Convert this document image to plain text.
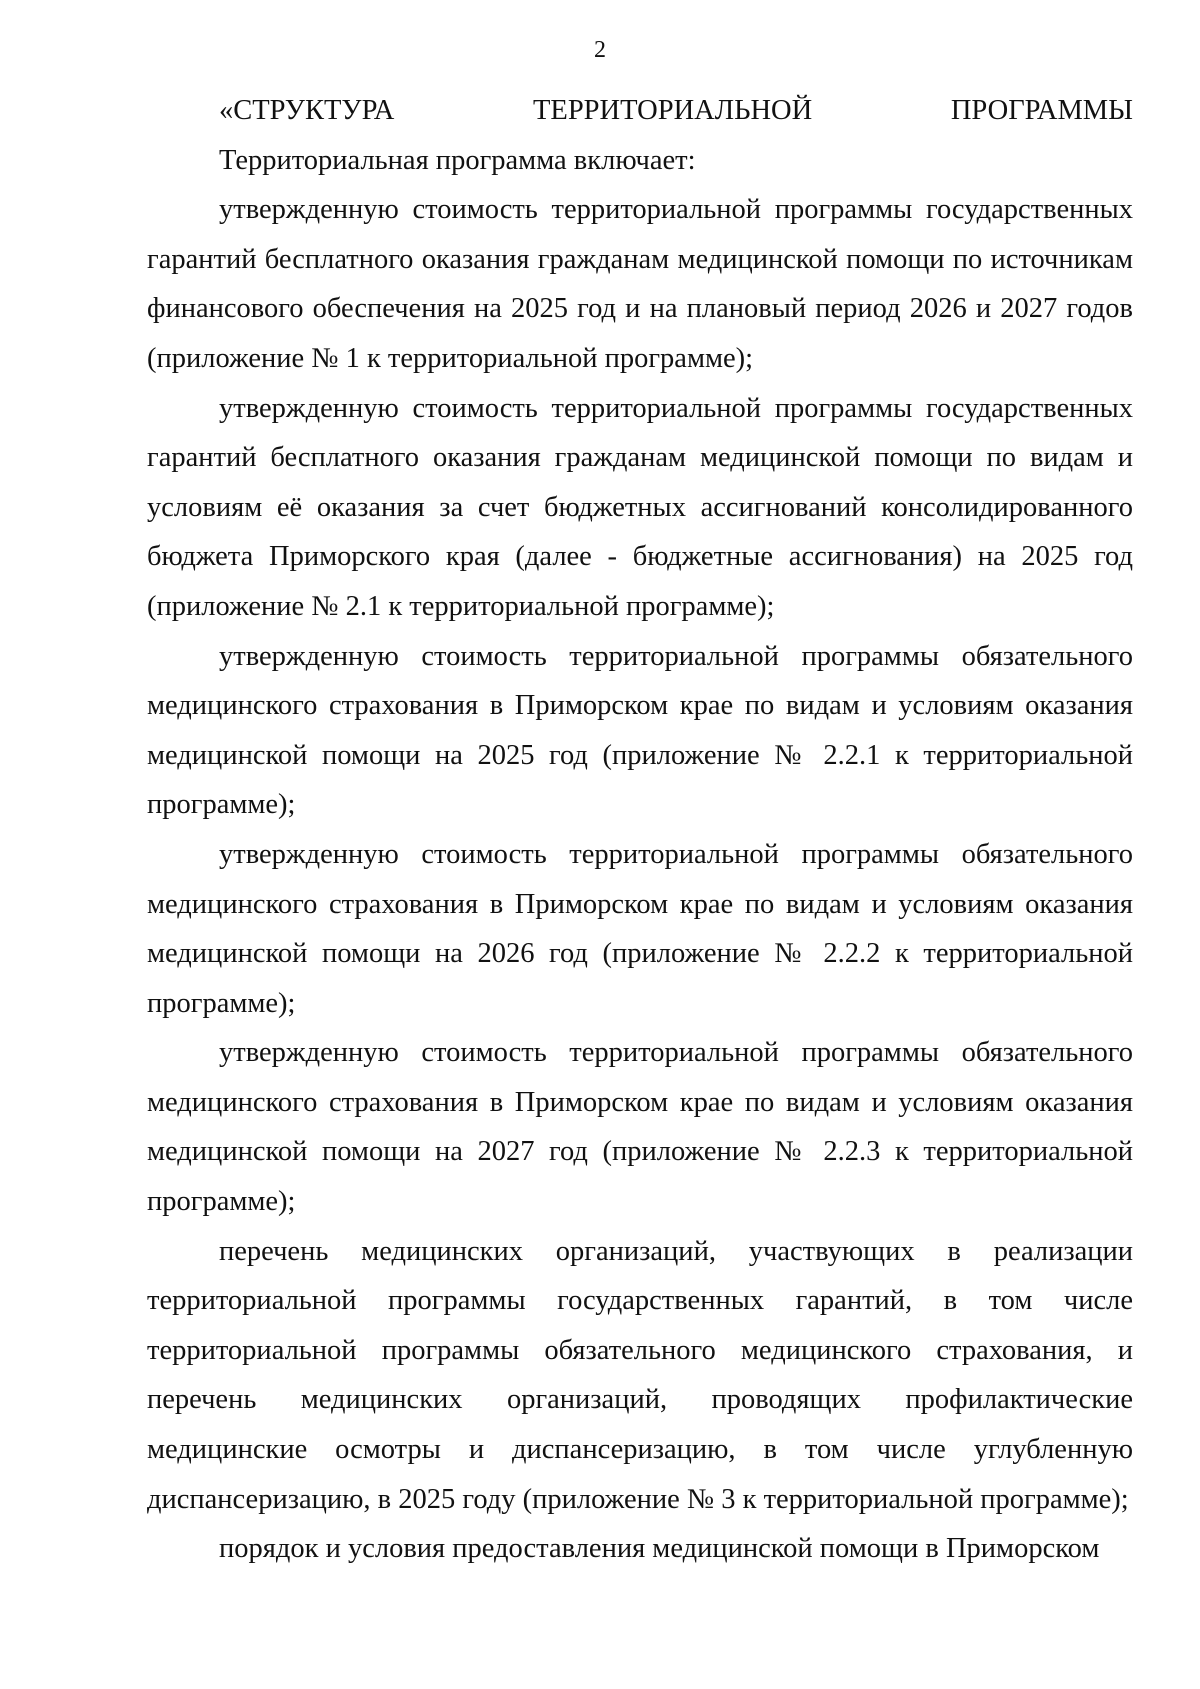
2
«СТРУКТУРА	ТЕРРИТОРИАЛЬНОЙ	ПРОГРАММЫ

Территориальная программа включает:

утвержденную стоимость территориальной программы государственных гарантий бесплатного оказания гражданам медицинской помощи по источникам финансового обеспечения на 2025 год и на плановый период 2026 и 2027 годов (приложение № 1 к территориальной программе);

утвержденную стоимость территориальной программы государственных гарантий бесплатного оказания гражданам медицинской помощи по видам и условиям её оказания за счет бюджетных ассигнований консолидированного бюджета Приморского края (далее - бюджетные ассигнования) на 2025 год (приложение № 2.1 к территориальной программе);

утвержденную стоимость территориальной программы обязательного медицинского страхования в Приморском крае по видам и условиям оказания медицинской помощи на 2025 год (приложение № 2.2.1 к территориальной программе);

утвержденную стоимость территориальной программы обязательного медицинского страхования в Приморском крае по видам и условиям оказания медицинской помощи на 2026 год (приложение № 2.2.2 к территориальной программе);

утвержденную стоимость территориальной программы обязательного медицинского страхования в Приморском крае по видам и условиям оказания медицинской помощи на 2027 год (приложение № 2.2.3 к территориальной программе);

перечень медицинских организаций, участвующих в реализации территориальной программы государственных гарантий, в том числе территориальной программы обязательного медицинского страхования, и перечень медицинских организаций, проводящих профилактические медицинские осмотры и диспансеризацию, в том числе углубленную диспансеризацию, в 2025 году (приложение № 3 к территориальной программе);

порядок и условия предоставления медицинской помощи в Приморском
